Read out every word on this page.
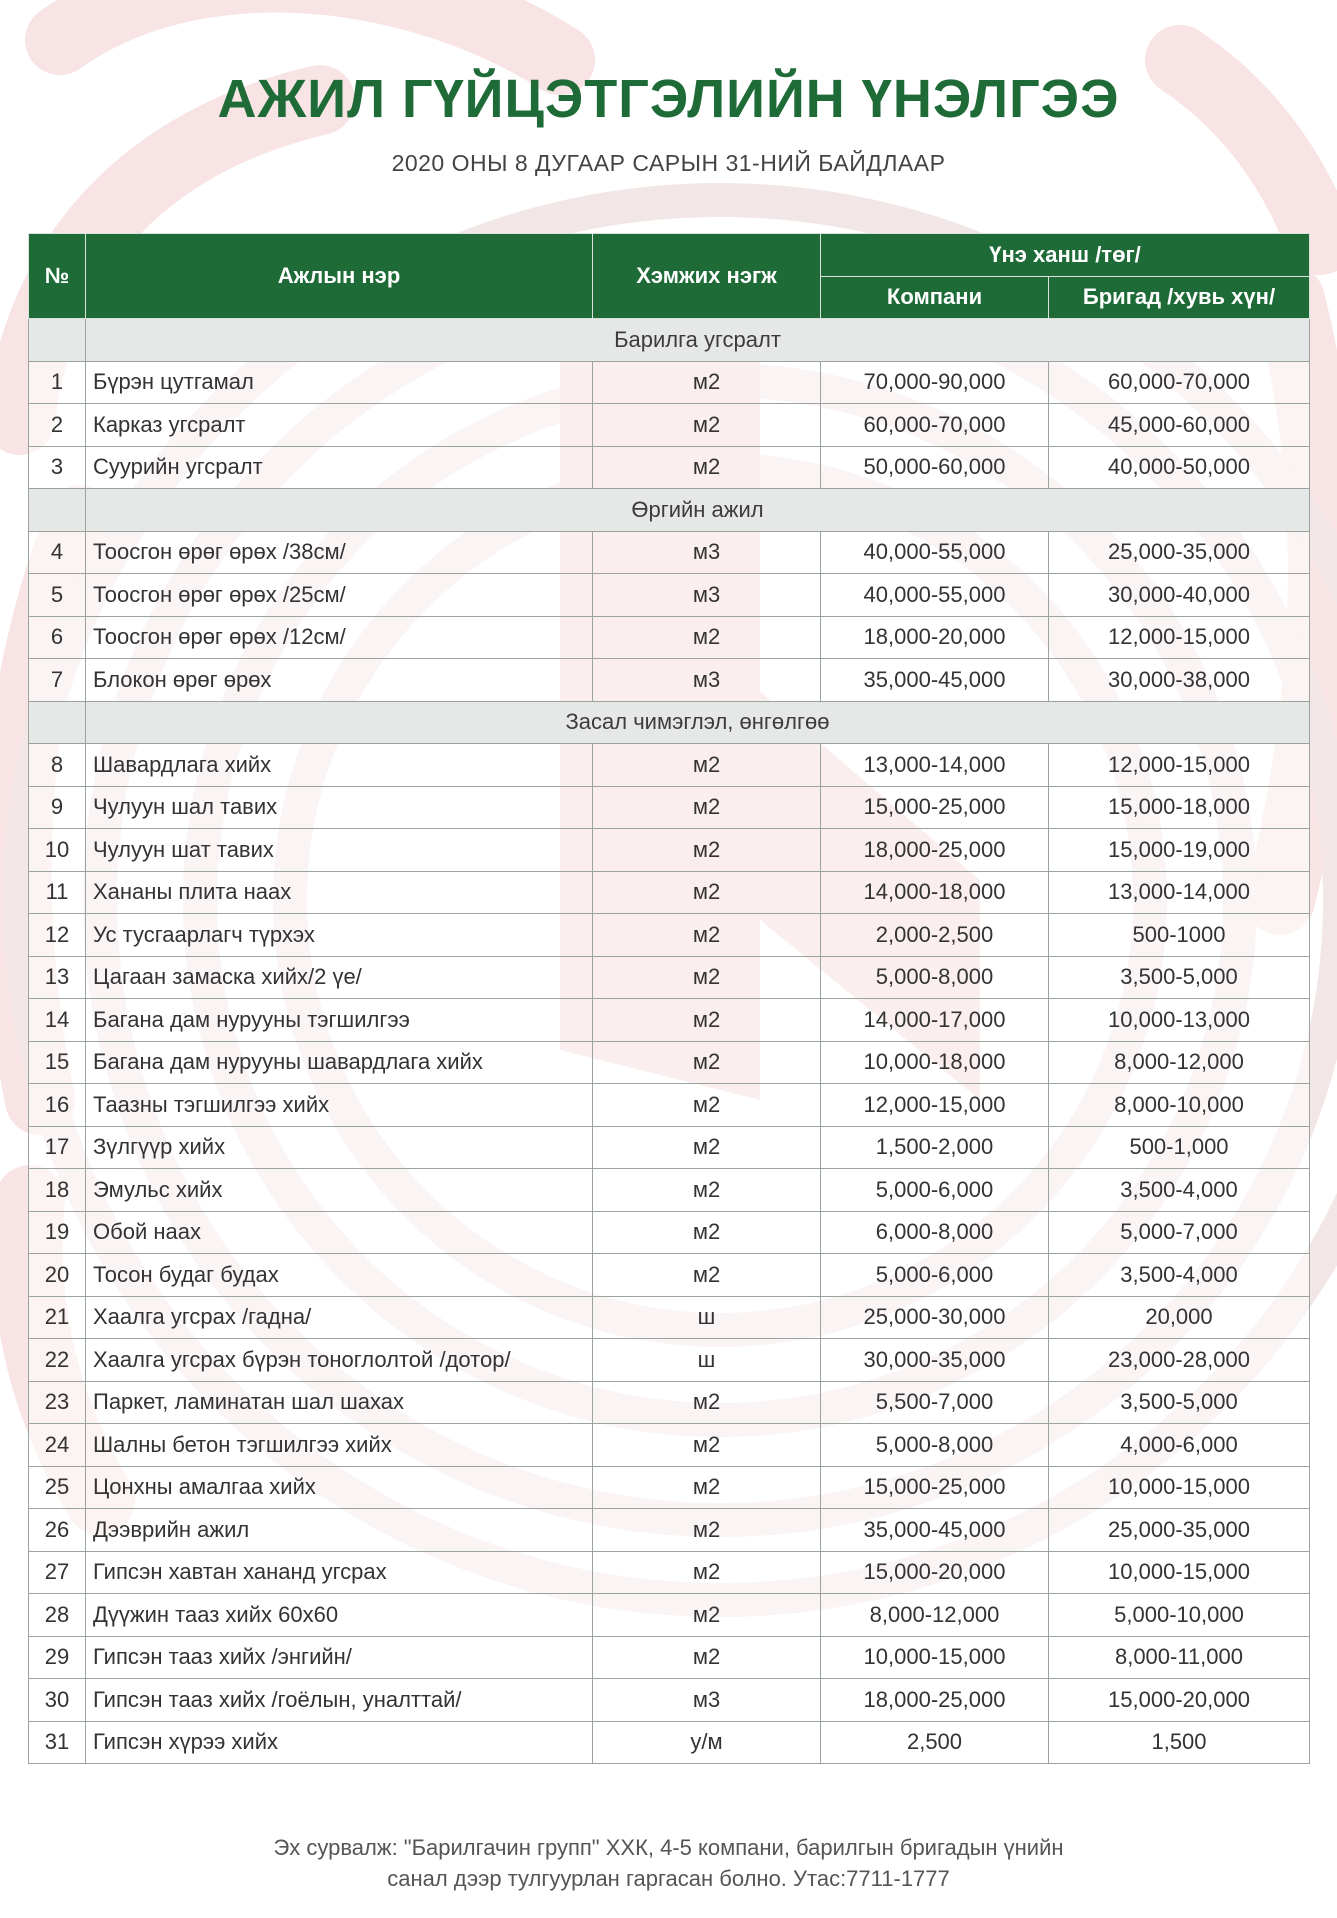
АЖИЛ ГҮЙЦЭТГЭЛИЙН ҮНЭЛГЭЭ
2020 ОНЫ 8 ДУГААР САРЫН 31-НИЙ БАЙДЛААР
№	Ажлын нэр	Хэмжих нэгж	Үнэ ханш /төг/	
			Компани	Бригад /хувь хүн/
	Барилга угсралт			
1	Бүрэн цутгамал	м2	70,000-90,000	60,000-70,000
2	Карказ угсралт	м2	60,000-70,000	45,000-60,000
3	Суурийн угсралт	м2	50,000-60,000	40,000-50,000
	Өргийн ажил			
4	Тоосгон өрөг өрөх /38см/	м3	40,000-55,000	25,000-35,000
5	Тоосгон өрөг өрөх /25см/	м3	40,000-55,000	30,000-40,000
6	Тоосгон өрөг өрөх /12см/	м2	18,000-20,000	12,000-15,000
7	Блокон өрөг өрөх	м3	35,000-45,000	30,000-38,000
	Засал чимэглэл, өнгөлгөө			
8	Шавардлага хийх	м2	13,000-14,000	12,000-15,000
9	Чулуун шал тавих	м2	15,000-25,000	15,000-18,000
10	Чулуун шат тавих	м2	18,000-25,000	15,000-19,000
11	Хананы плита наах	м2	14,000-18,000	13,000-14,000
12	Ус тусгаарлагч түрхэх	м2	2,000-2,500	500-1000
13	Цагаан замаска хийх/2 үе/	м2	5,000-8,000	3,500-5,000
14	Багана дам нурууны тэгшилгээ	м2	14,000-17,000	10,000-13,000
15	Багана дам нурууны шавардлага хийх	м2	10,000-18,000	8,000-12,000
16	Таазны тэгшилгээ хийх	м2	12,000-15,000	8,000-10,000
17	Зүлгүүр хийх	м2	1,500-2,000	500-1,000
18	Эмульс хийх	м2	5,000-6,000	3,500-4,000
19	Обой наах	м2	6,000-8,000	5,000-7,000
20	Тосон будаг будах	м2	5,000-6,000	3,500-4,000
21	Хаалга угсрах /гадна/	ш	25,000-30,000	20,000
22	Хаалга угсрах бүрэн тоноглолтой /дотор/	ш	30,000-35,000	23,000-28,000
23	Паркет, ламинатан шал шахах	м2	5,500-7,000	3,500-5,000
24	Шалны бетон тэгшилгээ хийх	м2	5,000-8,000	4,000-6,000
25	Цонхны амалгаа хийх	м2	15,000-25,000	10,000-15,000
26	Дээврийн ажил	м2	35,000-45,000	25,000-35,000
27	Гипсэн хавтан хананд угсрах	м2	15,000-20,000	10,000-15,000
28	Дүүжин тааз хийх 60х60	м2	8,000-12,000	5,000-10,000
29	Гипсэн тааз хийх /энгийн/	м2	10,000-15,000	8,000-11,000
30	Гипсэн тааз хийх /гоёлын, уналттай/	м3	18,000-25,000	15,000-20,000
31	Гипсэн хүрээ хийх	у/м	2,500	1,500
Эх сурвалж: "Барилгачин групп" ХХК, 4-5 компани, барилгын бригадын үнийн
санал дээр тулгуурлан гаргасан болно. Утас:7711-1777
